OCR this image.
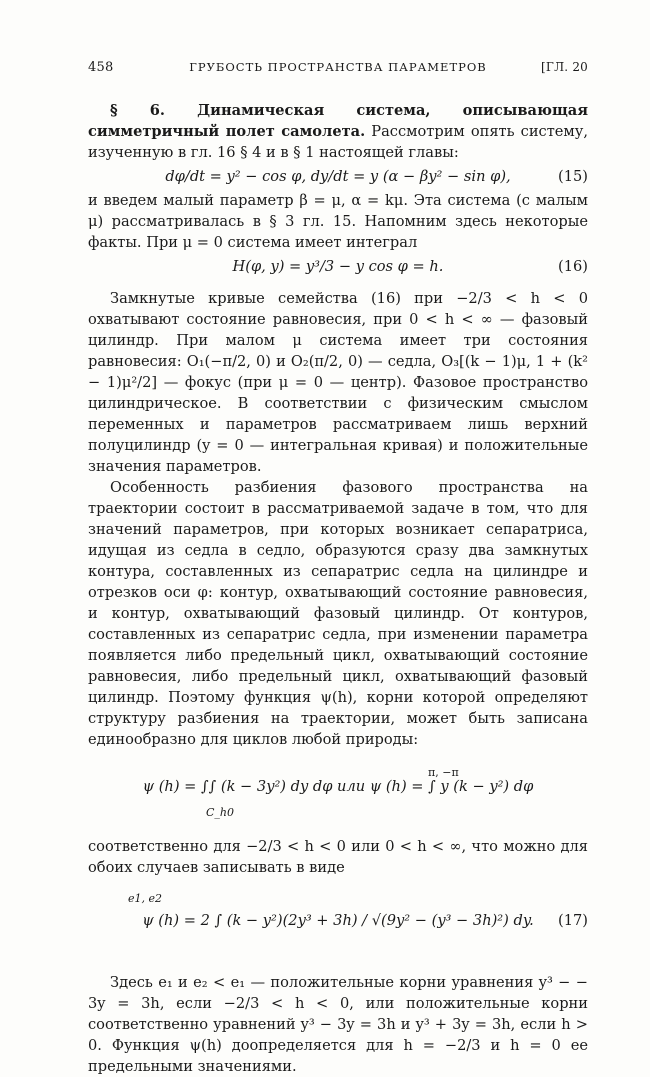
458	ГРУБОСТЬ ПРОСТРАНСТВА ПАРАМЕТРОВ	[ГЛ. 20

§ 6. Динамическая система, описывающая симметричный полет самолета. Рассмотрим опять систему, изученную в гл. 16 § 4 и в § 1 настоящей главы:

dφ/dt = y² − cos φ, dy/dt = y (α − βy² − sin φ),	(15)

и введем малый параметр β = μ, α = kμ. Эта система (с малым μ) рассматривалась в § 3 гл. 15. Напомним здесь некоторые факты. При μ = 0 система имеет интеграл

H(φ, y) = y³/3 − y cos φ = h.	(16)

Замкнутые кривые семейства (16) при −2/3 < h < 0 охватывают состояние равновесия, при 0 < h < ∞ — фазовый цилиндр. При малом μ система имеет три состояния равновесия: O₁(−π/2, 0) и O₂(π/2, 0) — седла, O₃[(k − 1)μ, 1 + (k² − 1)μ²/2] — фокус (при μ = 0 — центр). Фазовое пространство цилиндрическое. В соответствии с физическим смыслом переменных и параметров рассматриваем лишь верхний полуцилиндр (y = 0 — интегральная кривая) и положительные значения параметров.

Особенность разбиения фазового пространства на траектории состоит в рассматриваемой задаче в том, что для значений параметров, при которых возникает сепаратриса, идущая из седла в седло, образуются сразу два замкнутых контура, составленных из сепаратрис седла на цилиндре и отрезков оси φ: контур, охватывающий состояние равновесия, и контур, охватывающий фазовый цилиндр. От контуров, составленных из сепаратрис седла, при изменении параметра появляется либо предельный цикл, охватывающий состояние равновесия, либо предельный цикл, охватывающий фазовый цилиндр. Поэтому функция ψ(h), корни которой определяют структуру разбиения на траектории, может быть записана единообразно для циклов любой природы:

ψ (h) = ∫∫ (k − 3y²) dy dφ или ψ (h) = ∫ y (k − y²) dφ
C_h0
π, −π

соответственно для −2/3 < h < 0 или 0 < h < ∞, что можно для обоих случаев записывать в виде

ψ (h) = 2 ∫ (k − y²)(2y³ + 3h) / √(9y² − (y³ − 3h)²) dy.
e1, e2
(17)

Здесь e₁ и e₂ < e₁ — положительные корни уравнения y³ − − 3y = 3h, если −2/3 < h < 0, или положительные корни соответственно уравнений y³ − 3y = 3h и y³ + 3y = 3h, если h > 0. Функция ψ(h) доопределяется для h = −2/3 и h = 0 ее предельными значениями.
